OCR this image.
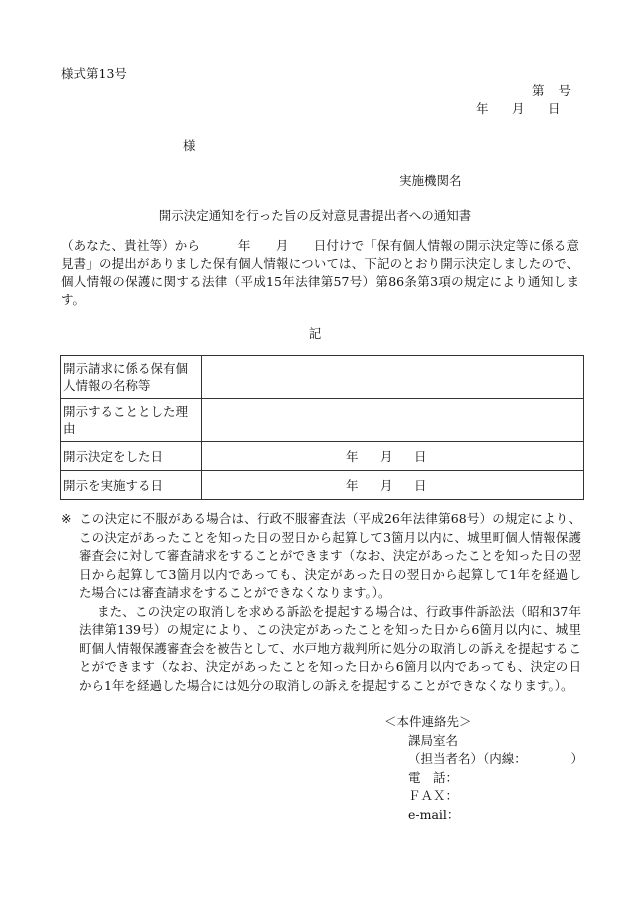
様式第13号
第 号
年 月 日
様
実施機関名
開示決定通知を行った旨の反対意見書提出者への通知書
（あなた、貴社等）から　　　年　　月　　日付けで「保有個人情報の開示決定等に係る意見書」の提出がありました保有個人情報については、下記のとおり開示決定しましたので、個人情報の保護に関する法律（平成15年法律第57号）第86条第3項の規定により通知します。
記
開示請求に係る保有個人情報の名称等	
開示することとした理由	
開示決定をした日	年 月 日

開示を実施する日	年 月 日

※ この決定に不服がある場合は、行政不服審査法（平成26年法律第68号）の規定により、この決定があったことを知った日の翌日から起算して3箇月以内に、城里町個人情報保護審査会に対して審査請求をすることができます（なお、決定があったことを知った日の翌日から起算して3箇月以内であっても、決定があった日の翌日から起算して1年を経過した場合には審査請求をすることができなくなります。）。

また、この決定の取消しを求める訴訟を提起する場合は、行政事件訴訟法（昭和37年法律第139号）の規定により、この決定があったことを知った日から6箇月以内に、城里町個人情報保護審査会を被告として、水戸地方裁判所に処分の取消しの訴えを提起することができます（なお、決定があったことを知った日から6箇月以内であっても、決定の日から1年を経過した場合には処分の取消しの訴えを提起することができなくなります。）。

＜本件連絡先＞
課局室名
（担当者名）（内線：　　　　）
電　話：
ＦＡＸ：
e-mail：
